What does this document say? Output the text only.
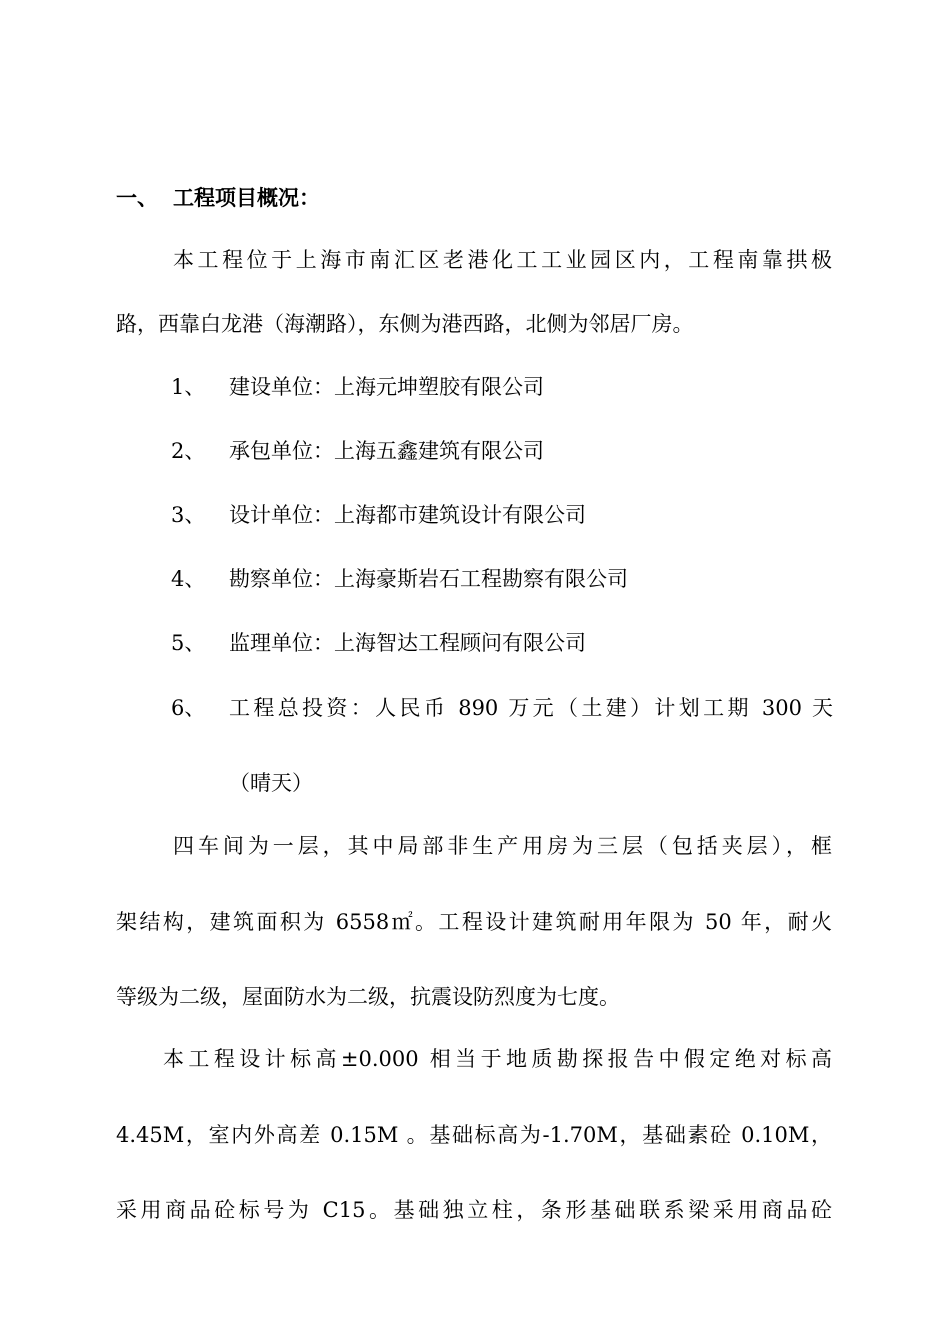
一、 工程项目概况：
本工程位于上海市南汇区老港化工工业园区内，工程南靠拱极
路，西靠白龙港（海潮路），东侧为港西路，北侧为邻居厂房。
1、 建设单位：上海元坤塑胶有限公司
2、 承包单位：上海五鑫建筑有限公司
3、 设计单位：上海都市建筑设计有限公司
4、 勘察单位：上海豪斯岩石工程勘察有限公司
5、 监理单位：上海智达工程顾问有限公司
6、 工程总投资：人民币 890 万元（土建）计划工期 300 天
（晴天）
四车间为一层，其中局部非生产用房为三层（包括夹层），框
架结构，建筑面积为 6558㎡。工程设计建筑耐用年限为 50 年，耐火
等级为二级，屋面防水为二级，抗震设防烈度为七度。
本工程设计标高±0.000 相当于地质勘探报告中假定绝对标高
4.45M，室内外高差 0.15M 。基础标高为-1.70M，基础素砼 0.10M，
采用商品砼标号为 C15。基础独立柱，条形基础联系梁采用商品砼
